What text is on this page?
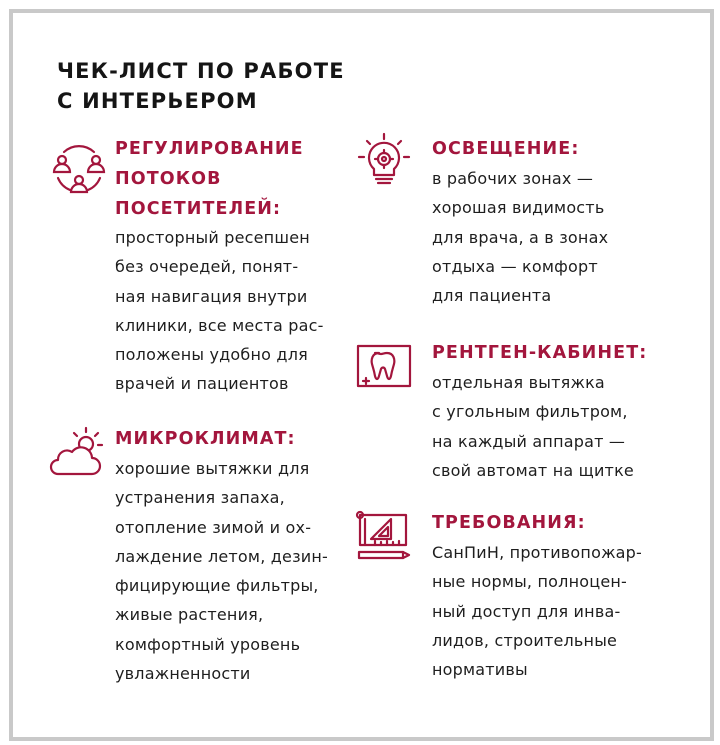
ЧЕК-ЛИСТ ПО РАБОТЕ
С ИНТЕРЬЕРОМ
РЕГУЛИРОВАНИЕ
ПОТОКОВ
ПОСЕТИТЕЛЕЙ:

просторный ресепшен
без очередей, понят-
ная навигация внутри
клиники, все места рас-
положены удобно для
врачей и пациентов

МИКРОКЛИМАТ:

хорошие вытяжки для
устранения запаха,
отопление зимой и ох-
лаждение летом, дезин-
фицирующие фильтры,
живые растения,
комфортный уровень
увлажненности

ОСВЕЩЕНИЕ:

в рабочих зонах —
хорошая видимость
для врача, а в зонах
отдыха — комфорт
для пациента

РЕНТГЕН-КАБИНЕТ:

отдельная вытяжка
с угольным фильтром,
на каждый аппарат —
свой автомат на щитке

ТРЕБОВАНИЯ:

СанПиН, противопожар-
ные нормы, полноцен-
ный доступ для инва-
лидов, строительные
нормативы
